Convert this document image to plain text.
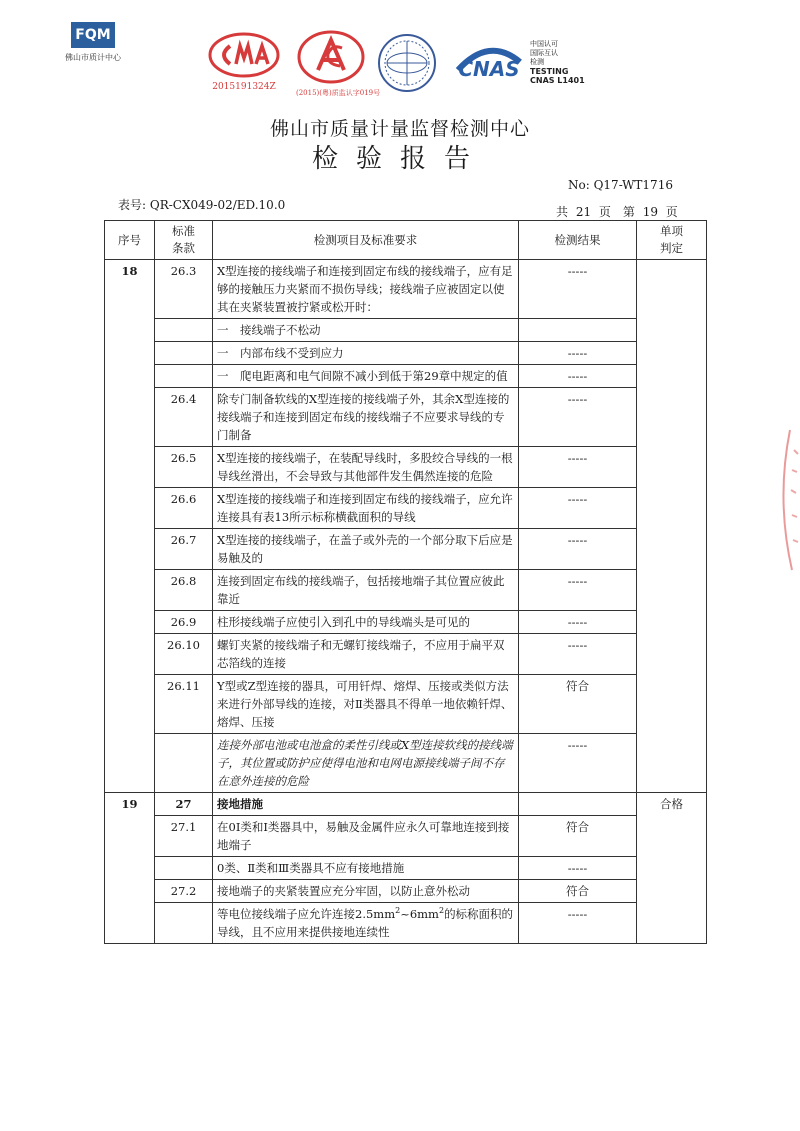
FQM
佛山市质计中心
2015191324Z
(2015)(粤)质监认字019号
CNAS
中国认可
国际互认
检测
TESTING
CNAS L1401
佛山市质量计量监督检测中心
检验报告
No: Q17-WT1716
表号: QR-CX049-02/ED.10.0	共 21 页　第 19 页
序号	标准
条款	检测项目及标准要求	检测结果	单项
判定
18	26.3	X型连接的接线端子和连接到固定布线的接线端子，应有足够的接触压力夹紧而不损伤导线；接线端子应被固定以使其在夹紧装置被拧紧或松开时：	-----	
		一　接线端子不松动		
		一　内部布线不受到应力	-----	
		一　爬电距离和电气间隙不减小到低于第29章中规定的值	-----	
	26.4	除专门制备软线的X型连接的接线端子外，其余X型连接的接线端子和连接到固定布线的接线端子不应要求导线的专门制备	-----	
	26.5	X型连接的接线端子，在装配导线时，多股绞合导线的一根导线丝滑出，不会导致与其他部件发生偶然连接的危险	-----	
	26.6	X型连接的接线端子和连接到固定布线的接线端子，应允许连接具有表13所示标称横截面积的导线	-----	
	26.7	X型连接的接线端子，在盖子或外壳的一个部分取下后应是易触及的	-----	
	26.8	连接到固定布线的接线端子，包括接地端子其位置应彼此靠近	-----	
	26.9	柱形接线端子应使引入到孔中的导线端头是可见的	-----	
	26.10	螺钉夹紧的接线端子和无螺钉接线端子，不应用于扁平双芯箔线的连接	-----	
	26.11	Y型或Z型连接的器具，可用钎焊、熔焊、压接或类似方法来进行外部导线的连接，对Ⅱ类器具不得单一地依赖钎焊、熔焊、压接	符合	
		连接外部电池或电池盒的柔性引线或X型连接软线的接线端子，其位置或防护应使得电池和电网电源接线端子间不存在意外连接的危险	-----	
19	27	接地措施		合格
	27.1	在0Ⅰ类和Ⅰ类器具中，易触及金属件应永久可靠地连接到接地端子	符合	
		0类、Ⅱ类和Ⅲ类器具不应有接地措施	-----	
	27.2	接地端子的夹紧装置应充分牢固，以防止意外松动	符合	
		等电位接线端子应允许连接$2.5mm^2\sim 6mm^2$的标称面积的导线，且不应用来提供接地连续性	-----	
